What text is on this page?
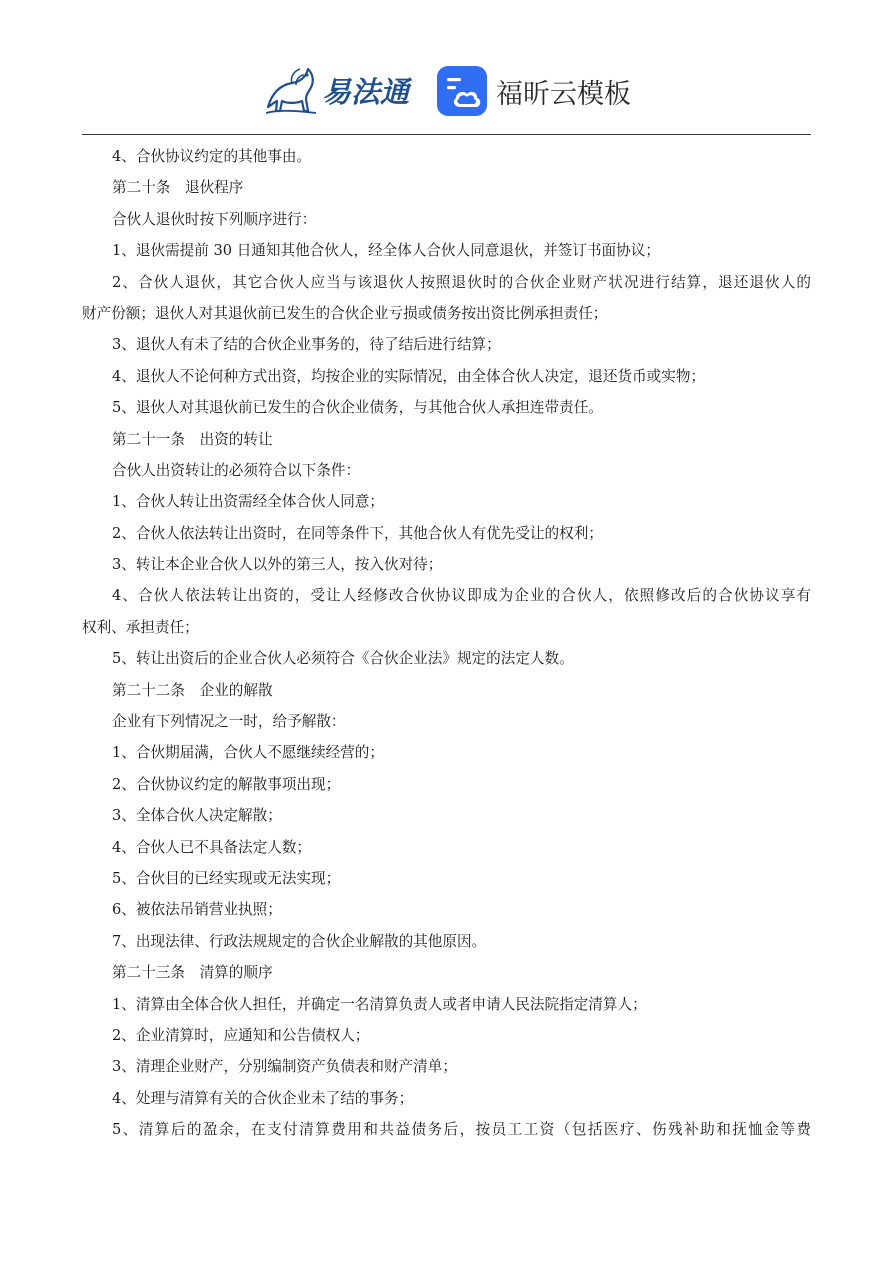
易法通	福昕云模板
4、合伙协议约定的其他事由。
第二十条　退伙程序
合伙人退伙时按下列顺序进行：
1、退伙需提前 30 日通知其他合伙人，经全体人合伙人同意退伙，并签订书面协议；
2、合伙人退伙，其它合伙人应当与该退伙人按照退伙时的合伙企业财产状况进行结算，退还退伙人的
财产份额；退伙人对其退伙前已发生的合伙企业亏损或债务按出资比例承担责任；
3、退伙人有未了结的合伙企业事务的，待了结后进行结算；
4、退伙人不论何种方式出资，均按企业的实际情况，由全体合伙人决定，退还货币或实物；
5、退伙人对其退伙前已发生的合伙企业债务，与其他合伙人承担连带责任。
第二十一条　出资的转让
合伙人出资转让的必须符合以下条件：
1、合伙人转让出资需经全体合伙人同意；
2、合伙人依法转让出资时，在同等条件下，其他合伙人有优先受让的权利；
3、转让本企业合伙人以外的第三人，按入伙对待；
4、合伙人依法转让出资的，受让人经修改合伙协议即成为企业的合伙人，依照修改后的合伙协议享有
权利、承担责任；
5、转让出资后的企业合伙人必须符合《合伙企业法》规定的法定人数。
第二十二条　企业的解散
企业有下列情况之一时，给予解散：
1、合伙期届满，合伙人不愿继续经营的；
2、合伙协议约定的解散事项出现；
3、全体合伙人决定解散；
4、合伙人已不具备法定人数；
5、合伙目的已经实现或无法实现；
6、被依法吊销营业执照；
7、出现法律、行政法规规定的合伙企业解散的其他原因。
第二十三条　清算的顺序
1、清算由全体合伙人担任，并确定一名清算负责人或者申请人民法院指定清算人；
2、企业清算时，应通知和公告债权人；
3、清理企业财产，分别编制资产负债表和财产清单；
4、处理与清算有关的合伙企业未了结的事务；
5、清算后的盈余，在支付清算费用和共益债务后，按员工工资（包括医疗、伤残补助和抚恤金等费
